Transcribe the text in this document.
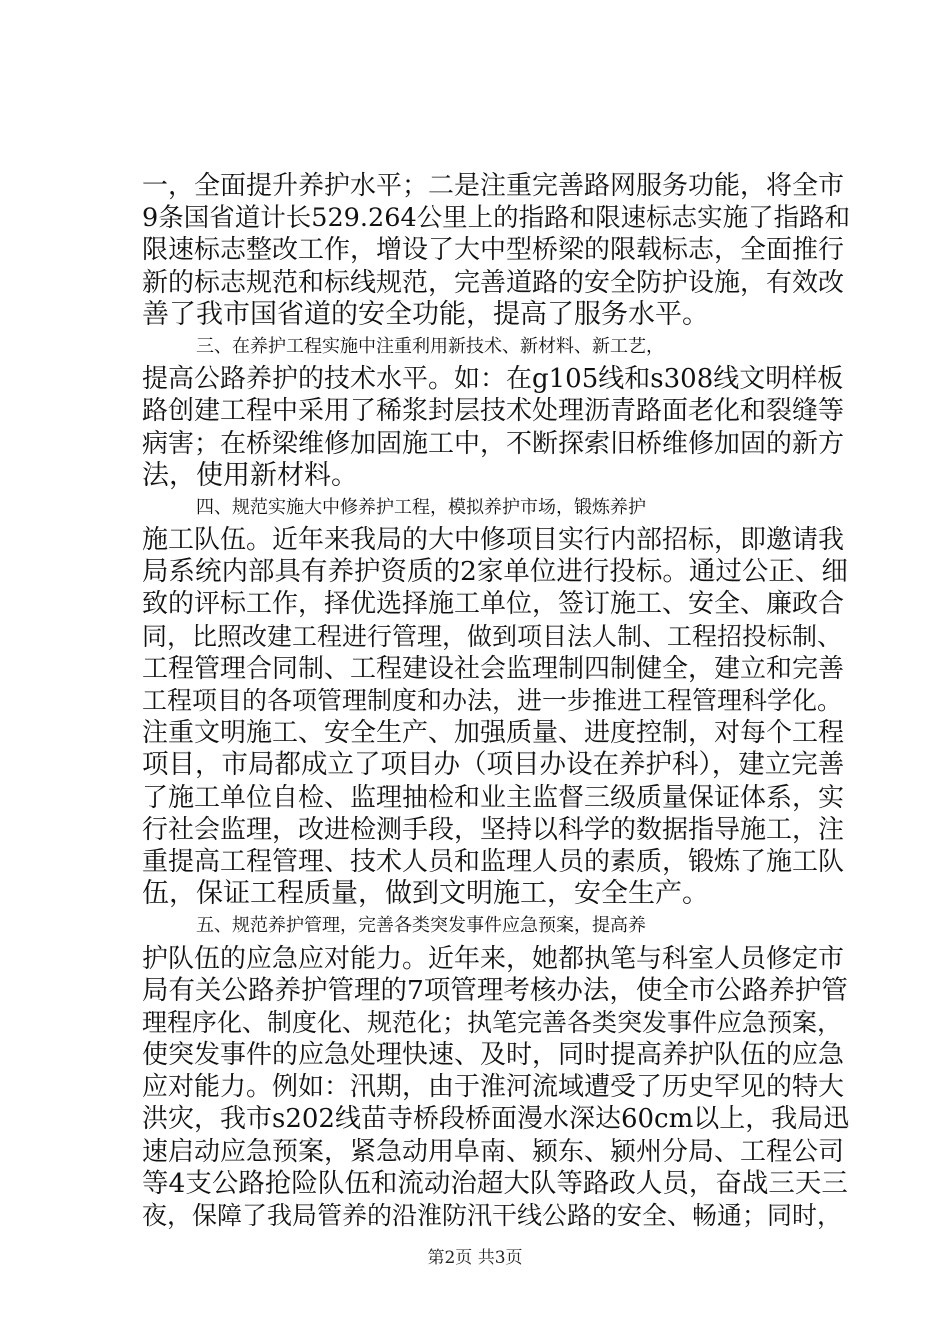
一，全面提升养护水平；二是注重完善路网服务功能，将全市
9条国省道计长529.264公里上的指路和限速标志实施了指路和
限速标志整改工作，增设了大中型桥梁的限载标志，全面推行
新的标志规范和标线规范，完善道路的安全防护设施，有效改
善了我市国省道的安全功能，提高了服务水平。
三、在养护工程实施中注重利用新技术、新材料、新工艺，
提高公路养护的技术水平。如：在g105线和s308线文明样板
路创建工程中采用了稀浆封层技术处理沥青路面老化和裂缝等
病害；在桥梁维修加固施工中，不断探索旧桥维修加固的新方
法，使用新材料。
四、规范实施大中修养护工程，模拟养护市场，锻炼养护
施工队伍。近年来我局的大中修项目实行内部招标，即邀请我
局系统内部具有养护资质的2家单位进行投标。通过公正、细
致的评标工作，择优选择施工单位，签订施工、安全、廉政合
同，比照改建工程进行管理，做到项目法人制、工程招投标制、
工程管理合同制、工程建设社会监理制四制健全，建立和完善
工程项目的各项管理制度和办法，进一步推进工程管理科学化。
注重文明施工、安全生产、加强质量、进度控制，对每个工程
项目，市局都成立了项目办（项目办设在养护科），建立完善
了施工单位自检、监理抽检和业主监督三级质量保证体系，实
行社会监理，改进检测手段，坚持以科学的数据指导施工，注
重提高工程管理、技术人员和监理人员的素质，锻炼了施工队
伍，保证工程质量，做到文明施工，安全生产。
五、规范养护管理，完善各类突发事件应急预案，提高养
护队伍的应急应对能力。近年来，她都执笔与科室人员修定市
局有关公路养护管理的7项管理考核办法，使全市公路养护管
理程序化、制度化、规范化；执笔完善各类突发事件应急预案，
使突发事件的应急处理快速、及时，同时提高养护队伍的应急
应对能力。例如：汛期，由于淮河流域遭受了历史罕见的特大
洪灾，我市s202线苗寺桥段桥面漫水深达60cm以上，我局迅
速启动应急预案，紧急动用阜南、颍东、颍州分局、工程公司
等4支公路抢险队伍和流动治超大队等路政人员，奋战三天三
夜，保障了我局管养的沿淮防汛干线公路的安全、畅通；同时，
第2页 共3页
